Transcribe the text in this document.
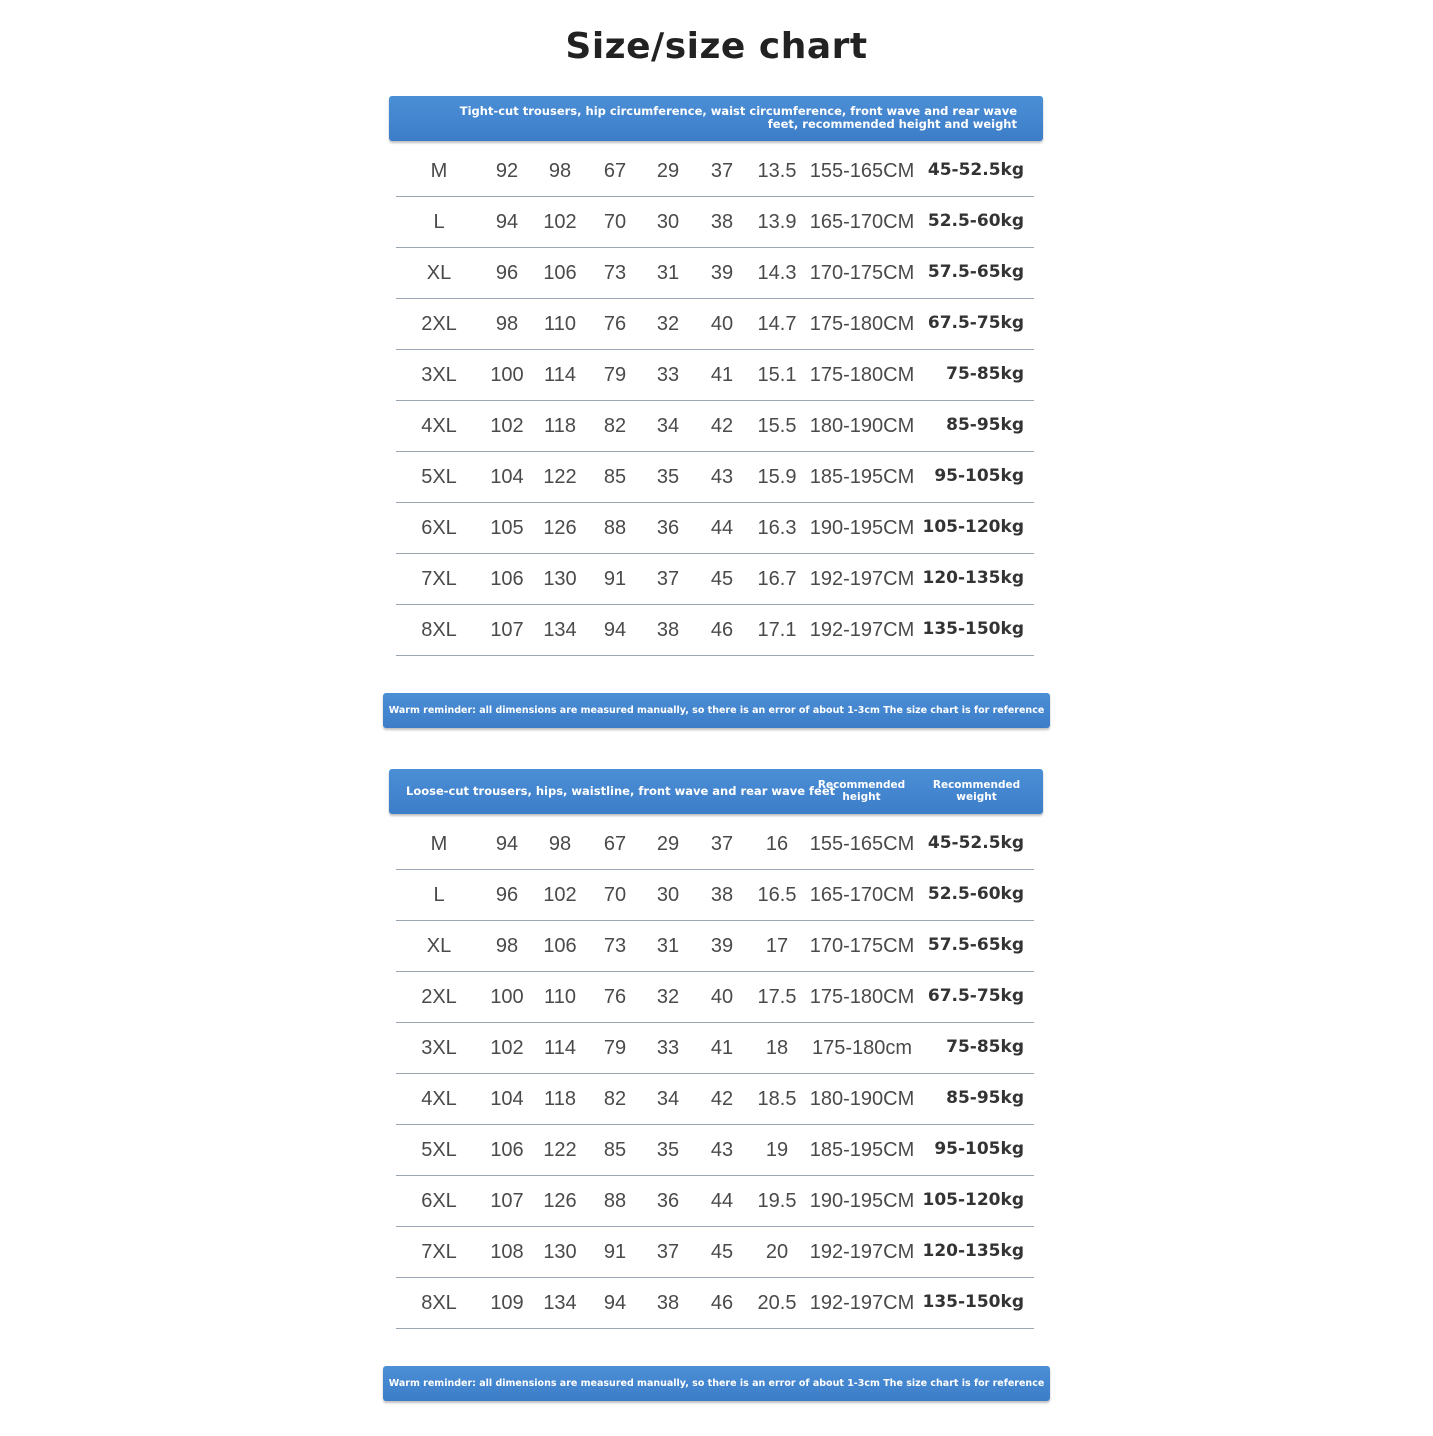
Size/size chart
Tight-cut trousers, hip circumference, waist circumference, front wave and rear wave feet, recommended height and weight
M 92 98 67 29 37 13.5 155-165CM 45-52.5kg
L	94 102 70 30 38 13.9 165-170CM 52.5-60kg
XL 96 106 73 31 39 14.3 170-175CM 57.5-65kg
2XL 98 110 76 32 40 14.7 175-180CM 67.5-75kg
3XL 100 114 79 33 41 15.1 175-180CM 75-85kg
4XL 102 118 82 34 42 15.5 180-190CM 85-95kg
5XL 104 122 85 35 43 15.9 185-195CM 95-105kg
6XL 105 126 88 36 44 16.3 190-195CM 105-120kg
7XL 106 130 91 37 45 16.7 192-197CM 120-135kg
8XL 107 134 94 38 46 17.1 192-197CM 135-150kg
Warm reminder: all dimensions are measured manually, so there is an error of about 1-3cm The size chart is for reference only!
Loose-cut trousers, hips, waistline, front wave and rear wave feet
Recommended height
Recommended weight
M 94 98 67 29 37 16 155-165CM 45-52.5kg
L	96 102 70 30 38 16.5 165-170CM 52.5-60kg
XL 98 106 73 31 39 17 170-175CM 57.5-65kg
2XL 100 110 76 32 40 17.5 175-180CM 67.5-75kg
3XL 102 114 79 33 41 18 175-180cm 75-85kg
4XL 104 118 82 34 42 18.5 180-190CM 85-95kg
5XL 106 122 85 35 43 19 185-195CM 95-105kg
6XL 107 126 88 36 44 19.5 190-195CM 105-120kg
7XL 108 130 91 37 45 20 192-197CM 120-135kg
8XL 109 134 94 38 46 20.5 192-197CM 135-150kg
Warm reminder: all dimensions are measured manually, so there is an error of about 1-3cm The size chart is for reference only!
